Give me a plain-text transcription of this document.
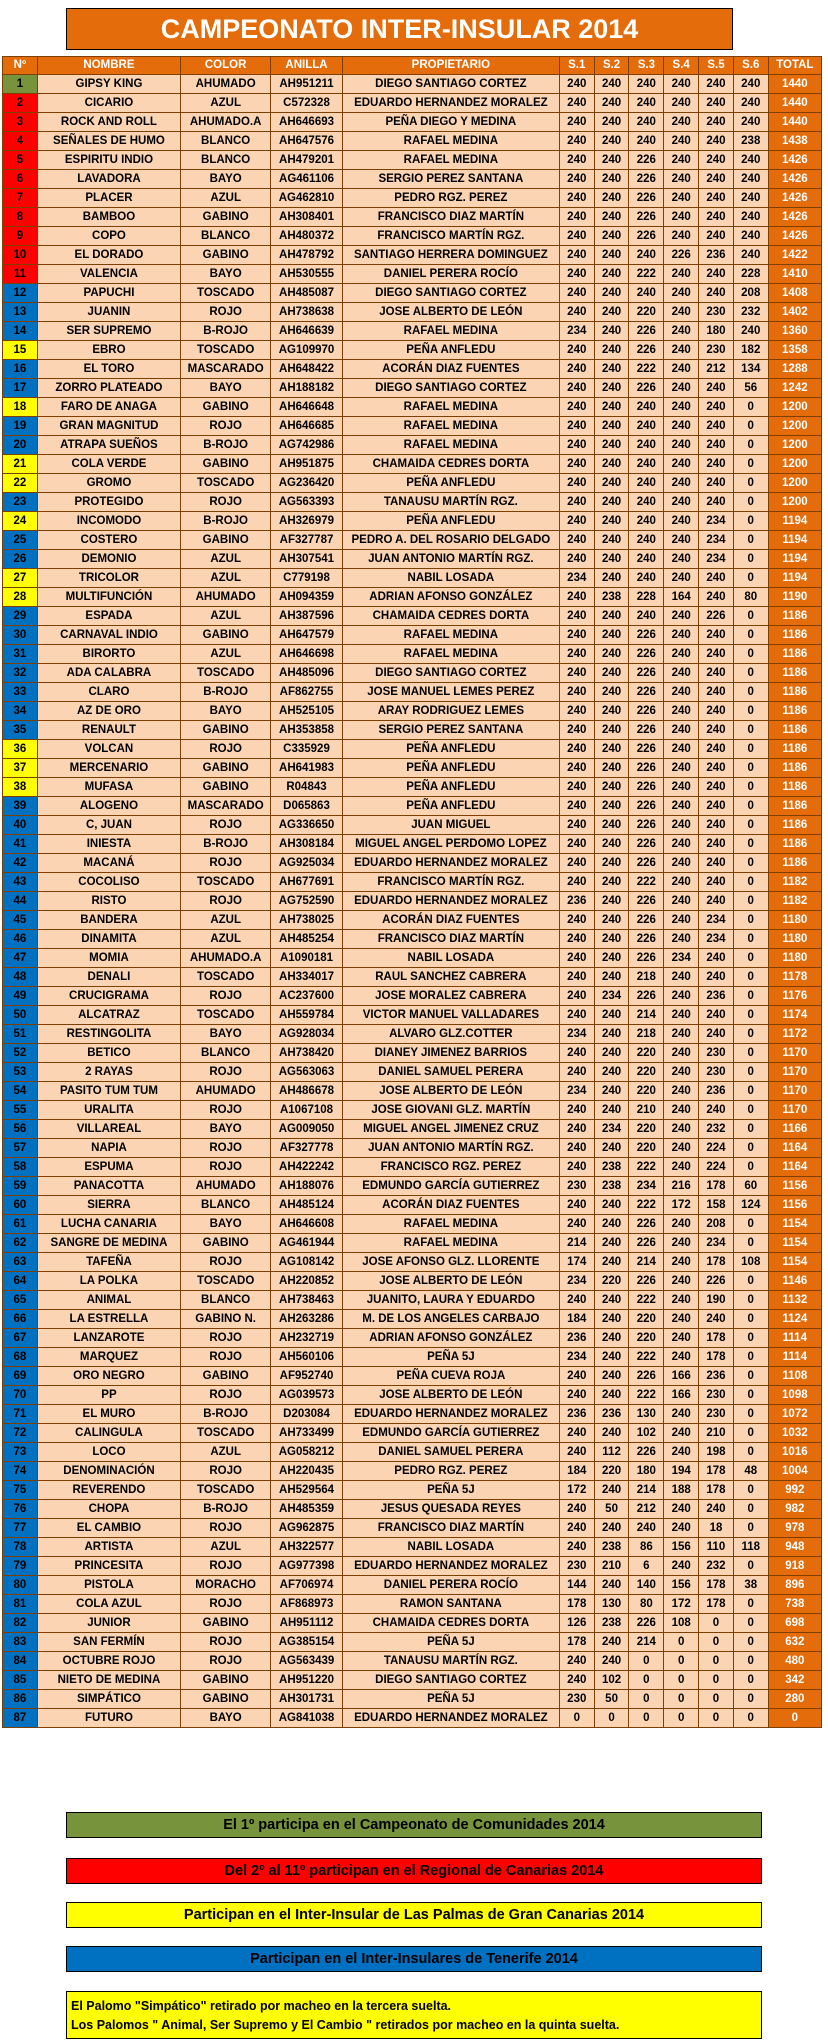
CAMPEONATO INTER-INSULAR 2014
Nº	NOMBRE	COLOR	ANILLA	PROPIETARIO	S.1	S.2	S.3	S.4	S.5	S.6	TOTAL
1	GIPSY KING	AHUMADO	AH951211	DIEGO SANTIAGO CORTEZ	240	240	240	240	240	240	1440
2	CICARIO	AZUL	C572328	EDUARDO HERNANDEZ MORALEZ	240	240	240	240	240	240	1440
3	ROCK AND ROLL	AHUMADO.A	AH646693	PEÑA DIEGO Y MEDINA	240	240	240	240	240	240	1440
4	SEÑALES DE HUMO	BLANCO	AH647576	RAFAEL MEDINA	240	240	240	240	240	238	1438
5	ESPIRITU INDIO	BLANCO	AH479201	RAFAEL MEDINA	240	240	226	240	240	240	1426
6	LAVADORA	BAYO	AG461106	SERGIO PEREZ SANTANA	240	240	226	240	240	240	1426
7	PLACER	AZUL	AG462810	PEDRO RGZ. PEREZ	240	240	226	240	240	240	1426
8	BAMBOO	GABINO	AH308401	FRANCISCO DIAZ MARTÍN	240	240	226	240	240	240	1426
9	COPO	BLANCO	AH480372	FRANCISCO MARTÍN RGZ.	240	240	226	240	240	240	1426
10	EL DORADO	GABINO	AH478792	SANTIAGO HERRERA DOMINGUEZ	240	240	240	226	236	240	1422
11	VALENCIA	BAYO	AH530555	DANIEL PERERA ROCÍO	240	240	222	240	240	228	1410
12	PAPUCHI	TOSCADO	AH485087	DIEGO SANTIAGO CORTEZ	240	240	240	240	240	208	1408
13	JUANIN	ROJO	AH738638	JOSE ALBERTO DE LEÓN	240	240	220	240	230	232	1402
14	SER SUPREMO	B-ROJO	AH646639	RAFAEL MEDINA	234	240	226	240	180	240	1360
15	EBRO	TOSCADO	AG109970	PEÑA ANFLEDU	240	240	226	240	230	182	1358
16	EL TORO	MASCARADO	AH648422	ACORÁN DIAZ FUENTES	240	240	222	240	212	134	1288
17	ZORRO PLATEADO	BAYO	AH188182	DIEGO SANTIAGO CORTEZ	240	240	226	240	240	56	1242
18	FARO DE ANAGA	GABINO	AH646648	RAFAEL MEDINA	240	240	240	240	240	0	1200
19	GRAN MAGNITUD	ROJO	AH646685	RAFAEL MEDINA	240	240	240	240	240	0	1200
20	ATRAPA SUEÑOS	B-ROJO	AG742986	RAFAEL MEDINA	240	240	240	240	240	0	1200
21	COLA VERDE	GABINO	AH951875	CHAMAIDA CEDRES DORTA	240	240	240	240	240	0	1200
22	GROMO	TOSCADO	AG236420	PEÑA ANFLEDU	240	240	240	240	240	0	1200
23	PROTEGIDO	ROJO	AG563393	TANAUSU MARTÍN RGZ.	240	240	240	240	240	0	1200
24	INCOMODO	B-ROJO	AH326979	PEÑA ANFLEDU	240	240	240	240	234	0	1194
25	COSTERO	GABINO	AF327787	PEDRO A. DEL ROSARIO DELGADO	240	240	240	240	234	0	1194
26	DEMONIO	AZUL	AH307541	JUAN ANTONIO MARTÍN RGZ.	240	240	240	240	234	0	1194
27	TRICOLOR	AZUL	C779198	NABIL LOSADA	234	240	240	240	240	0	1194
28	MULTIFUNCIÓN	AHUMADO	AH094359	ADRIAN AFONSO GONZÁLEZ	240	238	228	164	240	80	1190
29	ESPADA	AZUL	AH387596	CHAMAIDA CEDRES DORTA	240	240	240	240	226	0	1186
30	CARNAVAL INDIO	GABINO	AH647579	RAFAEL MEDINA	240	240	226	240	240	0	1186
31	BIRORTO	AZUL	AH646698	RAFAEL MEDINA	240	240	226	240	240	0	1186
32	ADA CALABRA	TOSCADO	AH485096	DIEGO SANTIAGO CORTEZ	240	240	226	240	240	0	1186
33	CLARO	B-ROJO	AF862755	JOSE MANUEL LEMES PEREZ	240	240	226	240	240	0	1186
34	AZ DE ORO	BAYO	AH525105	ARAY RODRIGUEZ LEMES	240	240	226	240	240	0	1186
35	RENAULT	GABINO	AH353858	SERGIO PEREZ SANTANA	240	240	226	240	240	0	1186
36	VOLCAN	ROJO	C335929	PEÑA ANFLEDU	240	240	226	240	240	0	1186
37	MERCENARIO	GABINO	AH641983	PEÑA ANFLEDU	240	240	226	240	240	0	1186
38	MUFASA	GABINO	R04843	PEÑA ANFLEDU	240	240	226	240	240	0	1186
39	ALOGENO	MASCARADO	D065863	PEÑA ANFLEDU	240	240	226	240	240	0	1186
40	C, JUAN	ROJO	AG336650	JUAN MIGUEL	240	240	226	240	240	0	1186
41	INIESTA	B-ROJO	AH308184	MIGUEL ANGEL PERDOMO LOPEZ	240	240	226	240	240	0	1186
42	MACANÁ	ROJO	AG925034	EDUARDO HERNANDEZ MORALEZ	240	240	226	240	240	0	1186
43	COCOLISO	TOSCADO	AH677691	FRANCISCO MARTÍN RGZ.	240	240	222	240	240	0	1182
44	RISTO	ROJO	AG752590	EDUARDO HERNANDEZ MORALEZ	236	240	226	240	240	0	1182
45	BANDERA	AZUL	AH738025	ACORÁN DIAZ FUENTES	240	240	226	240	234	0	1180
46	DINAMITA	AZUL	AH485254	FRANCISCO DIAZ MARTÍN	240	240	226	240	234	0	1180
47	MOMIA	AHUMADO.A	A1090181	NABIL LOSADA	240	240	226	234	240	0	1180
48	DENALI	TOSCADO	AH334017	RAUL SANCHEZ CABRERA	240	240	218	240	240	0	1178
49	CRUCIGRAMA	ROJO	AC237600	JOSE MORALEZ CABRERA	240	234	226	240	236	0	1176
50	ALCATRAZ	TOSCADO	AH559784	VICTOR MANUEL VALLADARES	240	240	214	240	240	0	1174
51	RESTINGOLITA	BAYO	AG928034	ALVARO GLZ.COTTER	234	240	218	240	240	0	1172
52	BETICO	BLANCO	AH738420	DIANEY JIMENEZ BARRIOS	240	240	220	240	230	0	1170
53	2 RAYAS	ROJO	AG563063	DANIEL SAMUEL PERERA	240	240	220	240	230	0	1170
54	PASITO TUM TUM	AHUMADO	AH486678	JOSE ALBERTO DE LEÓN	234	240	220	240	236	0	1170
55	URALITA	ROJO	A1067108	JOSE GIOVANI GLZ. MARTÍN	240	240	210	240	240	0	1170
56	VILLAREAL	BAYO	AG009050	MIGUEL ANGEL JIMENEZ CRUZ	240	234	220	240	232	0	1166
57	NAPIA	ROJO	AF327778	JUAN ANTONIO MARTÍN RGZ.	240	240	220	240	224	0	1164
58	ESPUMA	ROJO	AH422242	FRANCISCO RGZ. PEREZ	240	238	222	240	224	0	1164
59	PANACOTTA	AHUMADO	AH188076	EDMUNDO GARCÍA GUTIERREZ	230	238	234	216	178	60	1156
60	SIERRA	BLANCO	AH485124	ACORÁN DIAZ FUENTES	240	240	222	172	158	124	1156
61	LUCHA CANARIA	BAYO	AH646608	RAFAEL MEDINA	240	240	226	240	208	0	1154
62	SANGRE DE MEDINA	GABINO	AG461944	RAFAEL MEDINA	214	240	226	240	234	0	1154
63	TAFEÑA	ROJO	AG108142	JOSE AFONSO GLZ. LLORENTE	174	240	214	240	178	108	1154
64	LA POLKA	TOSCADO	AH220852	JOSE ALBERTO DE LEÓN	234	220	226	240	226	0	1146
65	ANIMAL	BLANCO	AH738463	JUANITO, LAURA Y EDUARDO	240	240	222	240	190	0	1132
66	LA ESTRELLA	GABINO N.	AH263286	M. DE LOS ANGELES CARBAJO	184	240	220	240	240	0	1124
67	LANZAROTE	ROJO	AH232719	ADRIAN AFONSO GONZÁLEZ	236	240	220	240	178	0	1114
68	MARQUEZ	ROJO	AH560106	PEÑA 5J	234	240	222	240	178	0	1114
69	ORO NEGRO	GABINO	AF952740	PEÑA CUEVA ROJA	240	240	226	166	236	0	1108
70	PP	ROJO	AG039573	JOSE ALBERTO DE LEÓN	240	240	222	166	230	0	1098
71	EL MURO	B-ROJO	D203084	EDUARDO HERNANDEZ MORALEZ	236	236	130	240	230	0	1072
72	CALINGULA	TOSCADO	AH733499	EDMUNDO GARCÍA GUTIERREZ	240	240	102	240	210	0	1032
73	LOCO	AZUL	AG058212	DANIEL SAMUEL PERERA	240	112	226	240	198	0	1016
74	DENOMINACIÓN	ROJO	AH220435	PEDRO RGZ. PEREZ	184	220	180	194	178	48	1004
75	REVERENDO	TOSCADO	AH529564	PEÑA 5J	172	240	214	188	178	0	992
76	CHOPA	B-ROJO	AH485359	JESUS QUESADA REYES	240	50	212	240	240	0	982
77	EL CAMBIO	ROJO	AG962875	FRANCISCO DIAZ MARTÍN	240	240	240	240	18	0	978
78	ARTISTA	AZUL	AH322577	NABIL LOSADA	240	238	86	156	110	118	948
79	PRINCESITA	ROJO	AG977398	EDUARDO HERNANDEZ MORALEZ	230	210	6	240	232	0	918
80	PISTOLA	MORACHO	AF706974	DANIEL PERERA ROCÍO	144	240	140	156	178	38	896
81	COLA AZUL	ROJO	AF868973	RAMON SANTANA	178	130	80	172	178	0	738
82	JUNIOR	GABINO	AH951112	CHAMAIDA CEDRES DORTA	126	238	226	108	0	0	698
83	SAN FERMÍN	ROJO	AG385154	PEÑA 5J	178	240	214	0	0	0	632
84	OCTUBRE ROJO	ROJO	AG563439	TANAUSU MARTÍN RGZ.	240	240	0	0	0	0	480
85	NIETO DE MEDINA	GABINO	AH951220	DIEGO SANTIAGO CORTEZ	240	102	0	0	0	0	342
86	SIMPÁTICO	GABINO	AH301731	PEÑA 5J	230	50	0	0	0	0	280
87	FUTURO	BAYO	AG841038	EDUARDO HERNANDEZ MORALEZ	0	0	0	0	0	0	0
El 1º participa en el Campeonato de Comunidades 2014
Del 2º al 11º participan en el Regional de Canarias 2014
Participan en el Inter-Insular de Las Palmas de Gran Canarias 2014
Participan en el Inter-Insulares de Tenerife 2014
El Palomo "Simpático" retirado por macheo en la tercera suelta.
Los Palomos " Animal, Ser Supremo y El Cambio " retirados por macheo en la quinta suelta.
